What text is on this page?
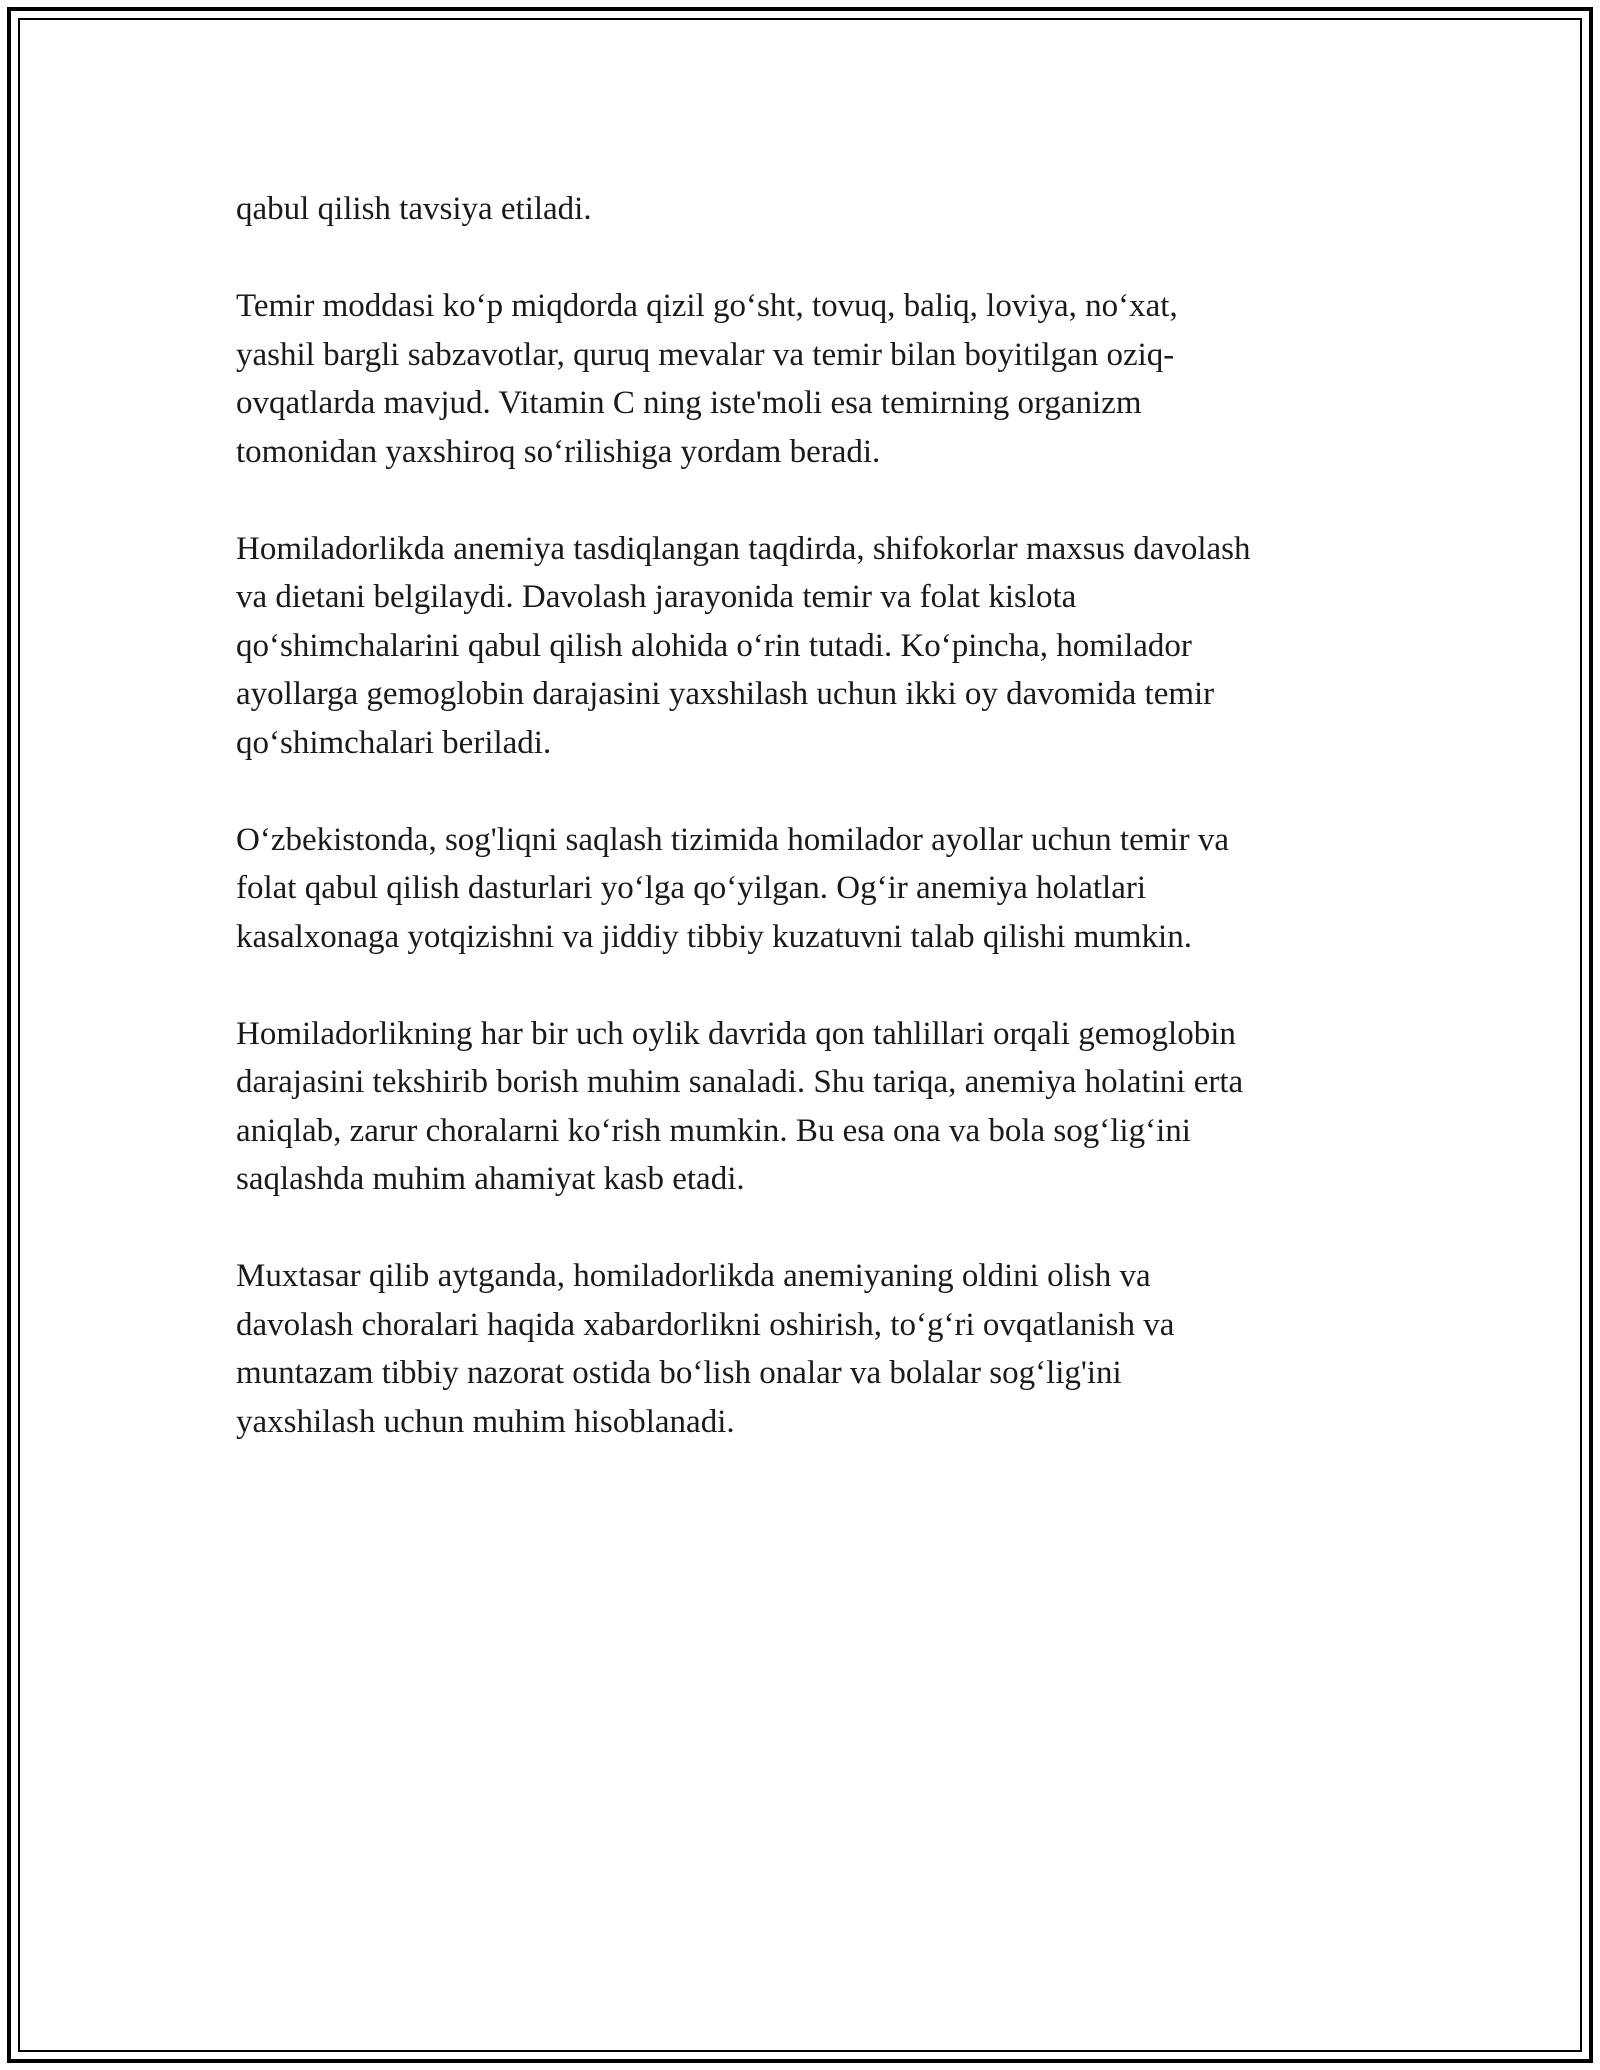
qabul qilish tavsiya etiladi.

Temir moddasi ko‘p miqdorda qizil go‘sht, tovuq, baliq, loviya, no‘xat,
yashil bargli sabzavotlar, quruq mevalar va temir bilan boyitilgan oziq-
ovqatlarda mavjud. Vitamin C ning iste'moli esa temirning organizm
tomonidan yaxshiroq so‘rilishiga yordam beradi.

Homiladorlikda anemiya tasdiqlangan taqdirda, shifokorlar maxsus davolash
va dietani belgilaydi. Davolash jarayonida temir va folat kislota
qo‘shimchalarini qabul qilish alohida o‘rin tutadi. Ko‘pincha, homilador
ayollarga gemoglobin darajasini yaxshilash uchun ikki oy davomida temir
qo‘shimchalari beriladi.

O‘zbekistonda, sog'liqni saqlash tizimida homilador ayollar uchun temir va
folat qabul qilish dasturlari yo‘lga qo‘yilgan. Og‘ir anemiya holatlari
kasalxonaga yotqizishni va jiddiy tibbiy kuzatuvni talab qilishi mumkin.

Homiladorlikning har bir uch oylik davrida qon tahlillari orqali gemoglobin
darajasini tekshirib borish muhim sanaladi. Shu tariqa, anemiya holatini erta
aniqlab, zarur choralarni ko‘rish mumkin. Bu esa ona va bola sog‘lig‘ini
saqlashda muhim ahamiyat kasb etadi.

Muxtasar qilib aytganda, homiladorlikda anemiyaning oldini olish va
davolash choralari haqida xabardorlikni oshirish, to‘g‘ri ovqatlanish va
muntazam tibbiy nazorat ostida bo‘lish onalar va bolalar sog‘lig'ini
yaxshilash uchun muhim hisoblanadi.
